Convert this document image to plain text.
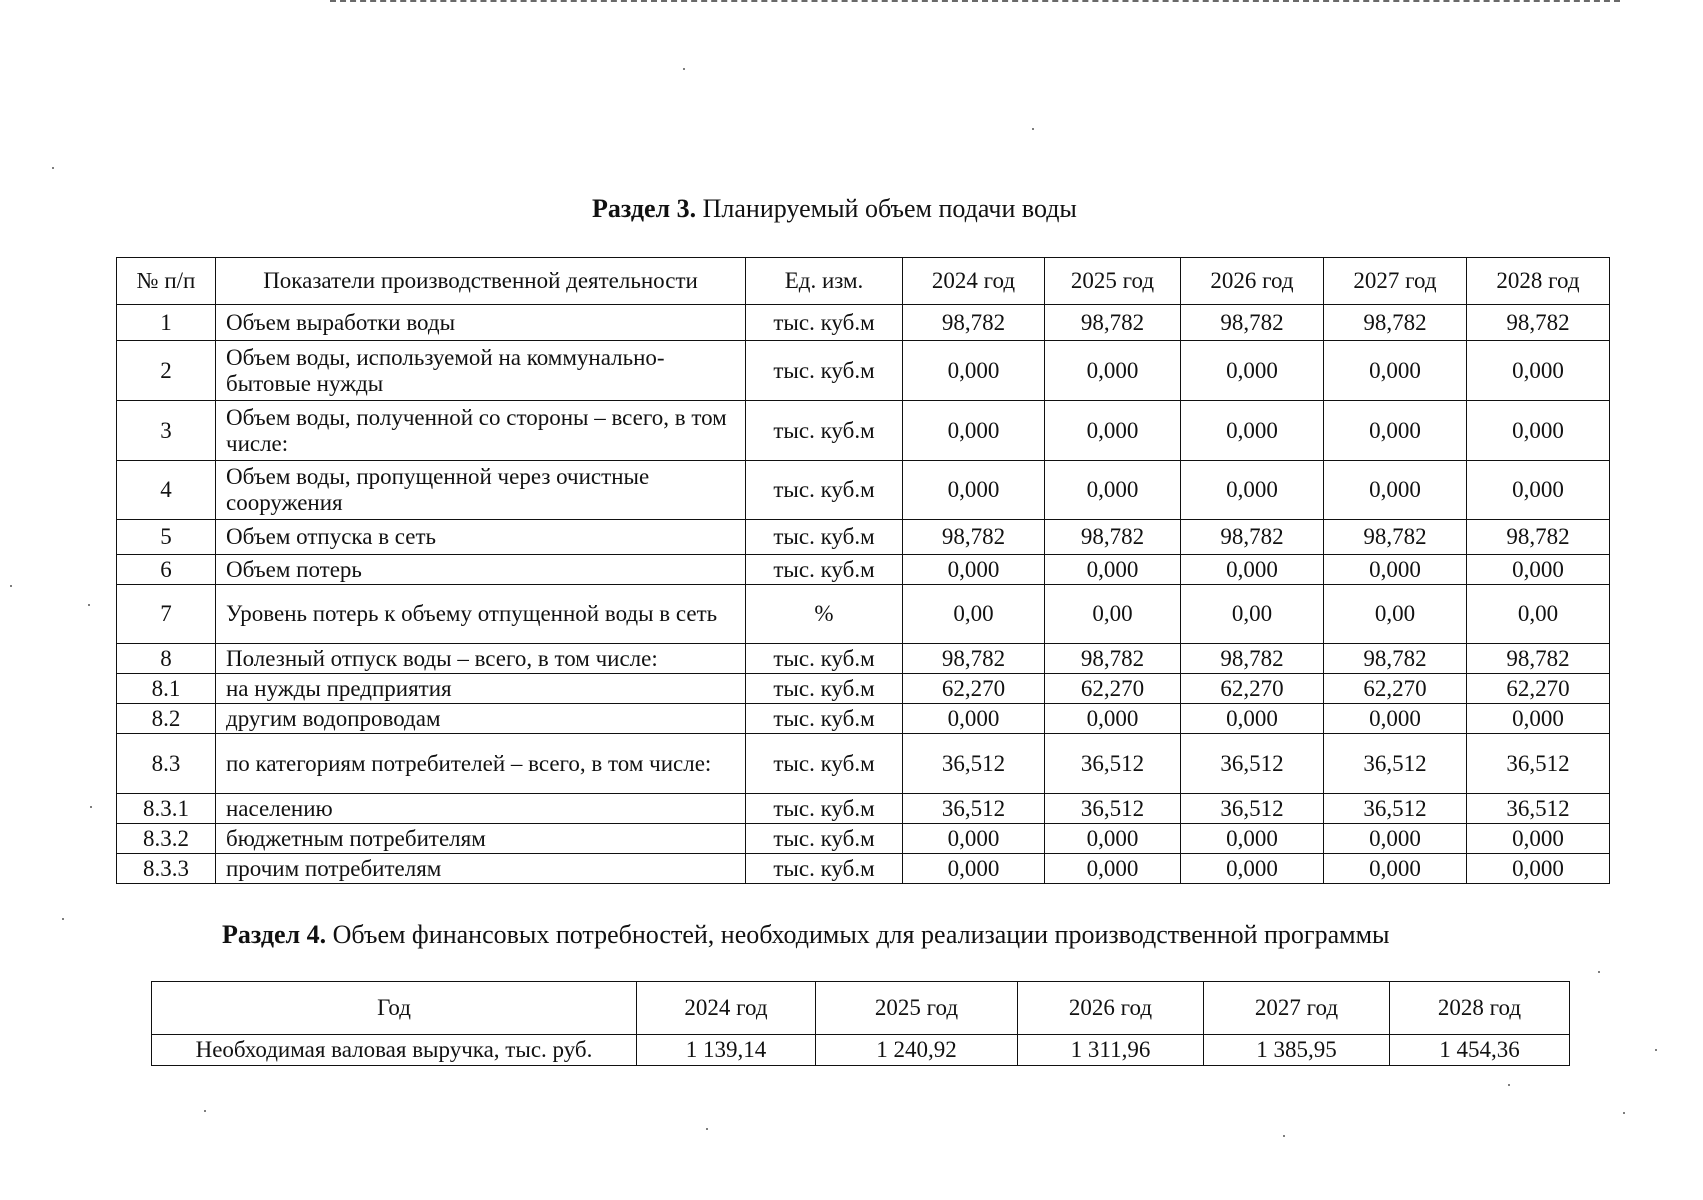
Раздел 3. Планируемый объем подачи воды
№ п/п	Показатели производственной деятельности	Ед. изм.	2024 год	2025 год	2026 год	2027 год	2028 год
1	Объем выработки воды	тыс. куб.м	98,782	98,782	98,782	98,782	98,782
2	Объем воды, используемой на коммунально-бытовые нужды	тыс. куб.м	0,000	0,000	0,000	0,000	0,000
3	Объем воды, полученной со стороны – всего, в том числе:	тыс. куб.м	0,000	0,000	0,000	0,000	0,000
4	Объем воды, пропущенной через очистные сооружения	тыс. куб.м	0,000	0,000	0,000	0,000	0,000
5	Объем отпуска в сеть	тыс. куб.м	98,782	98,782	98,782	98,782	98,782
6	Объем потерь	тыс. куб.м	0,000	0,000	0,000	0,000	0,000
7	Уровень потерь к объему отпущенной воды в сеть	%	0,00	0,00	0,00	0,00	0,00
8	Полезный отпуск воды – всего, в том числе:	тыс. куб.м	98,782	98,782	98,782	98,782	98,782
8.1	на нужды предприятия	тыс. куб.м	62,270	62,270	62,270	62,270	62,270
8.2	другим водопроводам	тыс. куб.м	0,000	0,000	0,000	0,000	0,000
8.3	по категориям потребителей – всего, в том числе:	тыс. куб.м	36,512	36,512	36,512	36,512	36,512
8.3.1	населению	тыс. куб.м	36,512	36,512	36,512	36,512	36,512
8.3.2	бюджетным потребителям	тыс. куб.м	0,000	0,000	0,000	0,000	0,000
8.3.3	прочим потребителям	тыс. куб.м	0,000	0,000	0,000	0,000	0,000
Раздел 4. Объем финансовых потребностей, необходимых для реализации производственной программы
Год	2024 год	2025 год	2026 год	2027 год	2028 год
Необходимая валовая выручка, тыс. руб.	1 139,14	1 240,92	1 311,96	1 385,95	1 454,36
